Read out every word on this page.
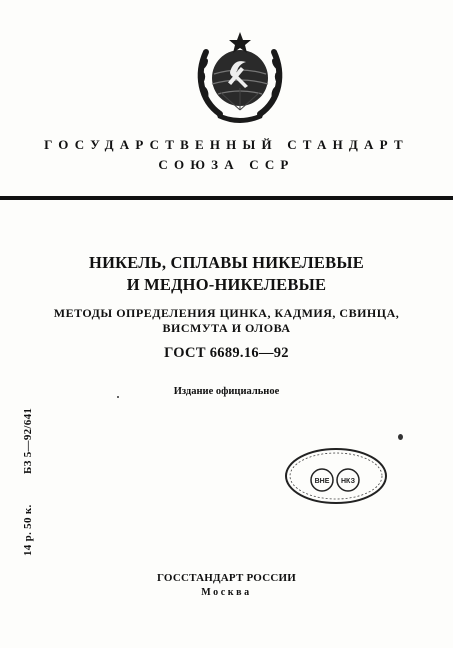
ГОСУДАРСТВЕННЫЙ СТАНДАРТ
СОЮЗА ССР
НИКЕЛЬ, СПЛАВЫ НИКЕЛЕВЫЕ
И МЕДНО-НИКЕЛЕВЫЕ
МЕТОДЫ ОПРЕДЕЛЕНИЯ ЦИНКА, КАДМИЯ, СВИНЦА,
ВИСМУТА И ОЛОВА
ГОСТ 6689.16—92
Издание официальное
14 р. 50 к.
БЗ 5—92/641
ВНЕ НКЗ
ГОССТАНДАРТ РОССИИ
Москва
